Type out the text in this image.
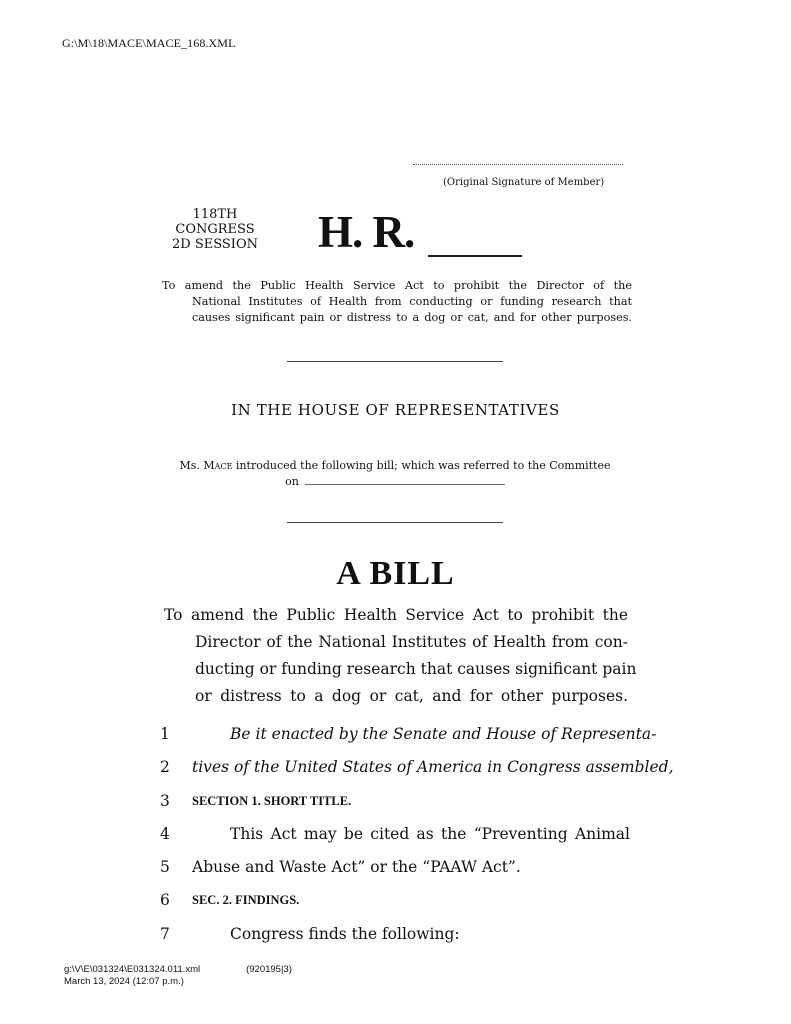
G:\M\18\MACE\MACE_168.XML
(Original Signature of Member)
118TH CONGRESS
2D SESSION H. R.
To amend the Public Health Service Act to prohibit the Director of the
National Institutes of Health from conducting or funding research that
causes significant pain or distress to a dog or cat, and for other purposes.
IN THE HOUSE OF REPRESENTATIVES
Ms. Mace introduced the following bill; which was referred to the Committee
on
A BILL
To amend the Public Health Service Act to prohibit the
Director of the National Institutes of Health from con-
ducting or funding research that causes significant pain
or distress to a dog or cat, and for other purposes.
1	Be it enacted by the Senate and House of Representa-
2	tives of the United States of America in Congress assembled,
3	SECTION 1. SHORT TITLE.
4	This Act may be cited as the “Preventing Animal
5	Abuse and Waste Act” or the “PAAW Act”.
6	SEC. 2. FINDINGS.
7	Congress finds the following:
g:\V\E\031324\E031324.011.xml	(920195|3)
March 13, 2024 (12:07 p.m.)
